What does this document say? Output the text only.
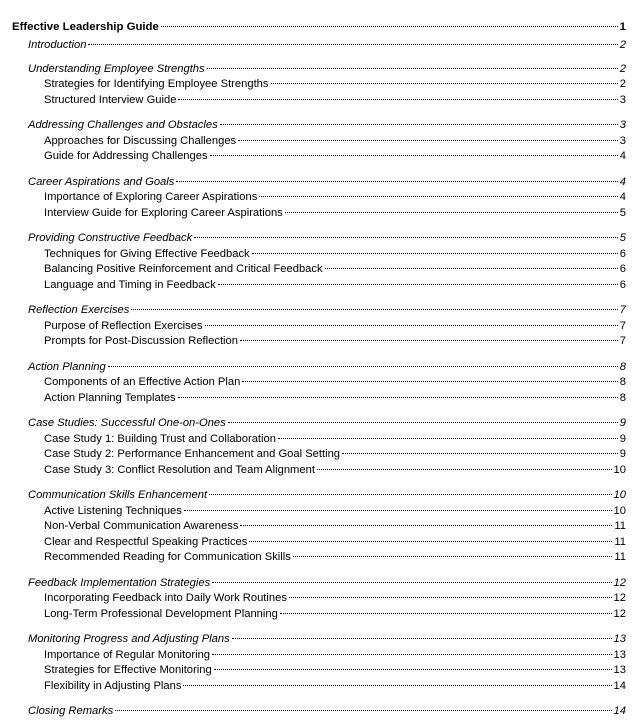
Effective Leadership Guide	1
Introduction	2
Understanding Employee Strengths	2
Strategies for Identifying Employee Strengths	2
Structured Interview Guide	3
Addressing Challenges and Obstacles	3
Approaches for Discussing Challenges	3
Guide for Addressing Challenges	4
Career Aspirations and Goals	4
Importance of Exploring Career Aspirations	4
Interview Guide for Exploring Career Aspirations	5
Providing Constructive Feedback	5
Techniques for Giving Effective Feedback	6
Balancing Positive Reinforcement and Critical Feedback	6
Language and Timing in Feedback	6
Reflection Exercises	7
Purpose of Reflection Exercises	7
Prompts for Post-Discussion Reflection	7
Action Planning	8
Components of an Effective Action Plan	8
Action Planning Templates	8
Case Studies: Successful One-on-Ones	9
Case Study 1: Building Trust and Collaboration	9
Case Study 2: Performance Enhancement and Goal Setting	9
Case Study 3: Conflict Resolution and Team Alignment	10
Communication Skills Enhancement	10
Active Listening Techniques	10
Non-Verbal Communication Awareness	11
Clear and Respectful Speaking Practices	11
Recommended Reading for Communication Skills	11
Feedback Implementation Strategies	12
Incorporating Feedback into Daily Work Routines	12
Long-Term Professional Development Planning	12
Monitoring Progress and Adjusting Plans	13
Importance of Regular Monitoring	13
Strategies for Effective Monitoring	13
Flexibility in Adjusting Plans	14
Closing Remarks	14
